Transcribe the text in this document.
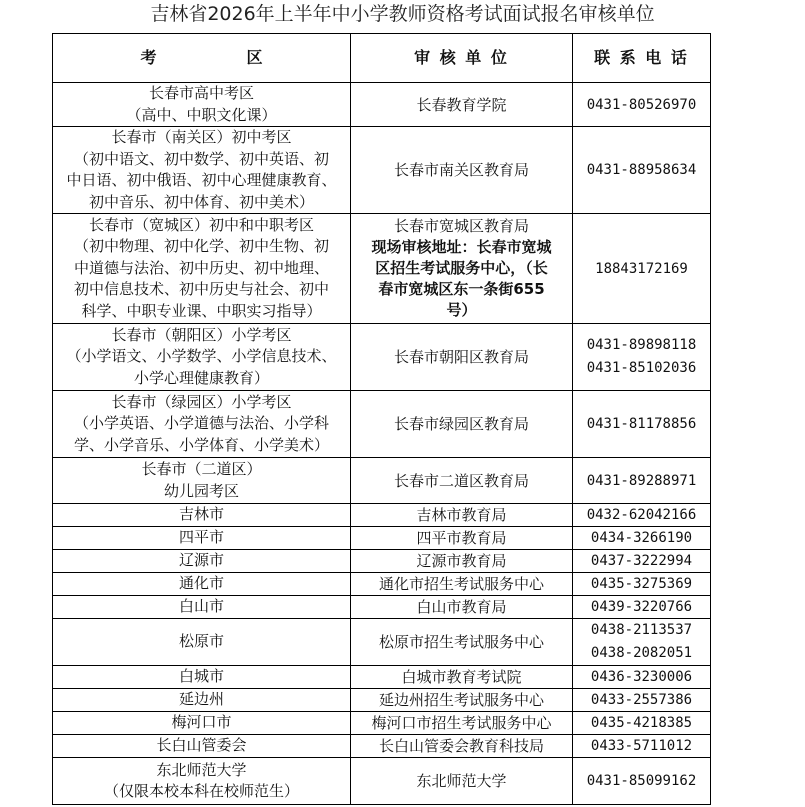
吉林省2026年上半年中小学教师资格考试面试报名审核单位
考 区	审 核 单 位	联 系 电 话

长春市高中考区
（高中、中职文化课）	长春教育学院	0431-80526970

长春市（南关区）初中考区
（初中语文、初中数学、初中英语、初
中日语、初中俄语、初中心理健康教育、
初中音乐、初中体育、初中美术）	长春市南关区教育局	0431-88958634

长春市（宽城区）初中和中职考区
（初中物理、初中化学、初中生物、初
中道德与法治、初中历史、初中地理、
初中信息技术、初中历史与社会、初中
科学、中职专业课、中职实习指导）	长春市宽城区教育局
现场审核地址：长春市宽城
区招生考试服务中心，（长
春市宽城区东一条街655
号）	18843172169

长春市（朝阳区）小学考区
（小学语文、小学数学、小学信息技术、
小学心理健康教育）	长春市朝阳区教育局	0431-89898118
0431-85102036

长春市（绿园区）小学考区
（小学英语、小学道德与法治、小学科
学、小学音乐、小学体育、小学美术）	长春市绿园区教育局	0431-81178856

长春市（二道区）
幼儿园考区	长春市二道区教育局	0431-89288971

吉林市	吉林市教育局	0432-62042166

四平市	四平市教育局	0434-3266190

辽源市	辽源市教育局	0437-3222994

通化市	通化市招生考试服务中心	0435-3275369

白山市	白山市教育局	0439-3220766

松原市	松原市招生考试服务中心	0438-2113537
0438-2082051

白城市	白城市教育考试院	0436-3230006

延边州	延边州招生考试服务中心	0433-2557386

梅河口市	梅河口市招生考试服务中心	0435-4218385

长白山管委会	长白山管委会教育科技局	0433-5711012

东北师范大学
（仅限本校本科在校师范生）	东北师范大学	0431-85099162
